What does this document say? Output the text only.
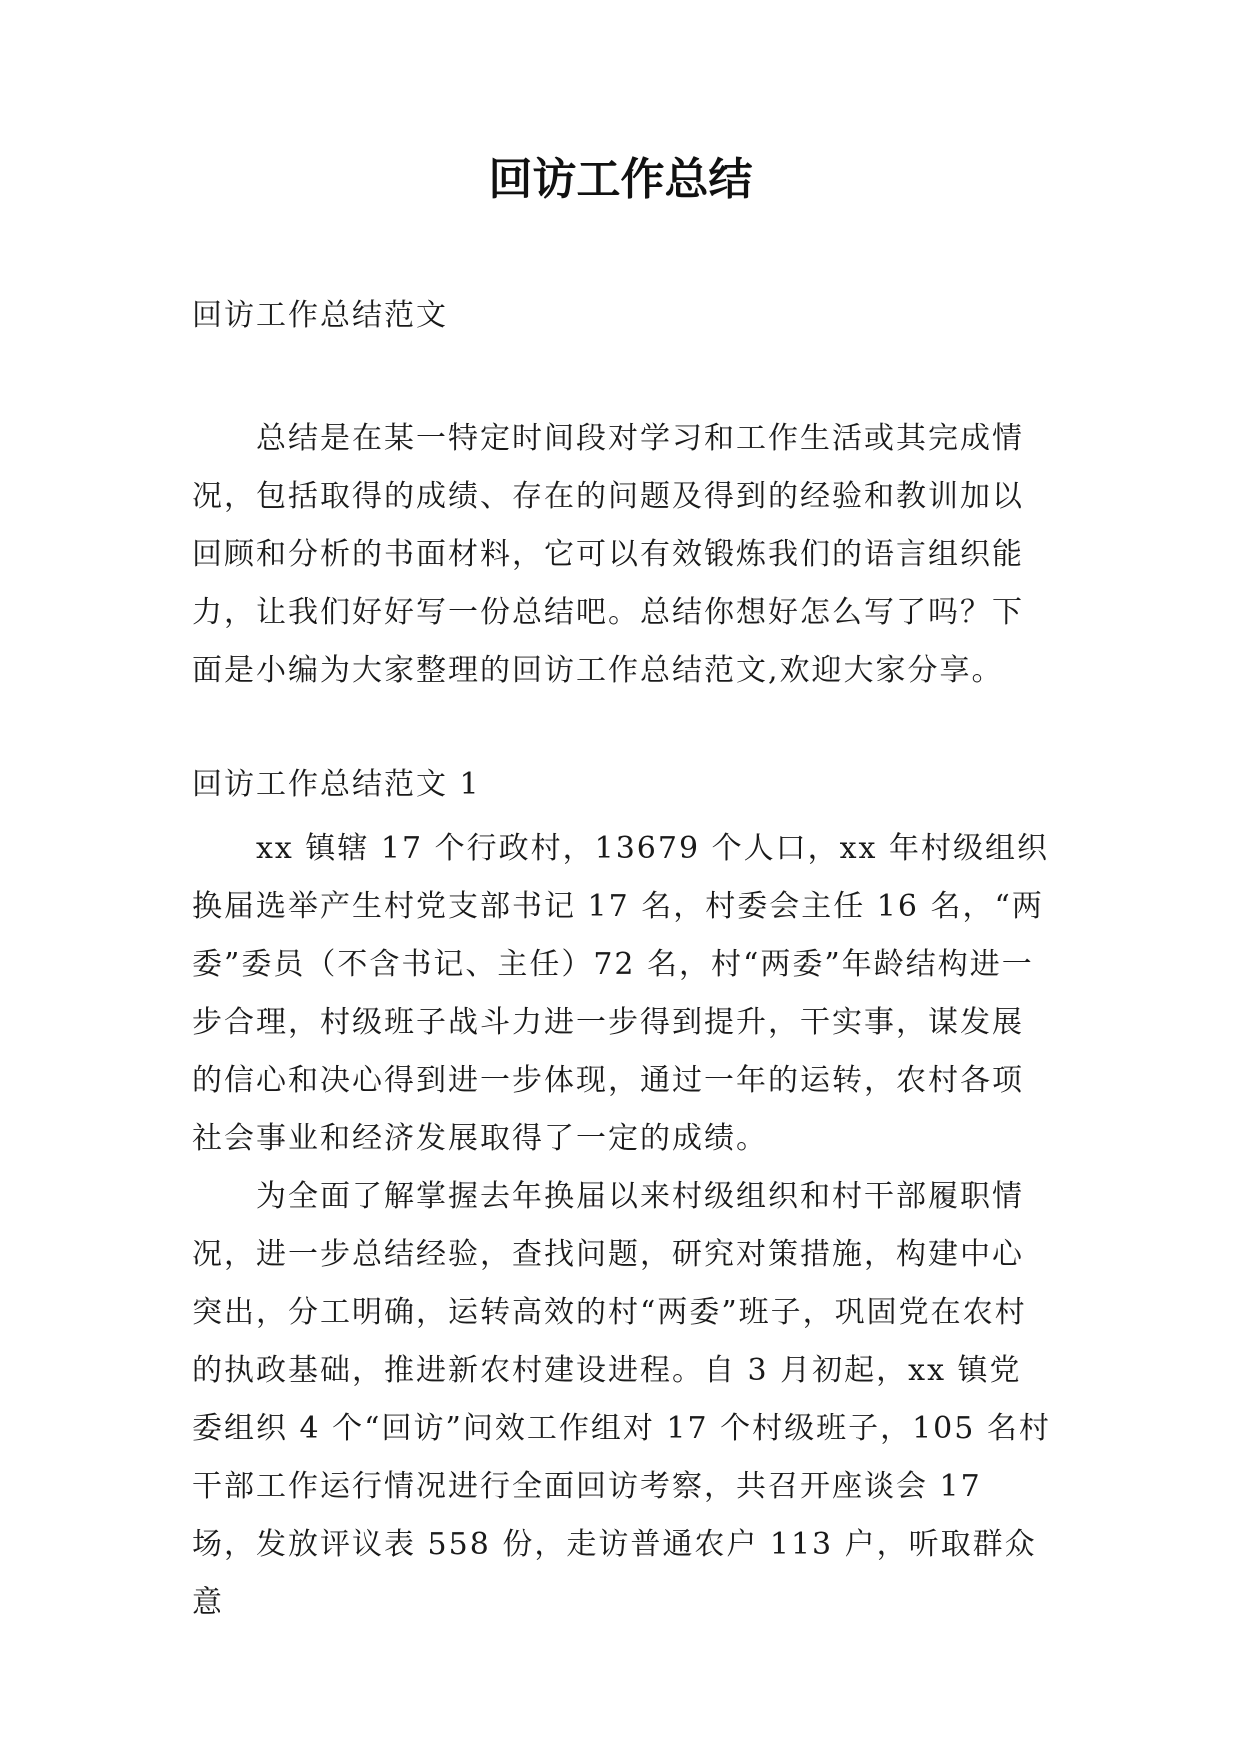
回访工作总结

回访工作总结范文

总结是在某一特定时间段对学习和工作生活或其完成情况，包括取得的成绩、存在的问题及得到的经验和教训加以回顾和分析的书面材料，它可以有效锻炼我们的语言组织能力，让我们好好写一份总结吧。总结你想好怎么写了吗？下面是小编为大家整理的回访工作总结范文,欢迎大家分享。

回访工作总结范文 1

xx 镇辖 17 个行政村，13679 个人口，xx 年村级组织换届选举产生村党支部书记 17 名，村委会主任 16 名，“两委”委员（不含书记、主任）72 名，村“两委”年龄结构进一步合理，村级班子战斗力进一步得到提升，干实事，谋发展的信心和决心得到进一步体现，通过一年的运转，农村各项社会事业和经济发展取得了一定的成绩。

为全面了解掌握去年换届以来村级组织和村干部履职情况，进一步总结经验，查找问题，研究对策措施，构建中心突出，分工明确，运转高效的村“两委”班子，巩固党在农村的执政基础，推进新农村建设进程。自 3 月初起，xx 镇党委组织 4 个“回访”问效工作组对 17 个村级班子，105 名村干部工作运行情况进行全面回访考察，共召开座谈会 17 场，发放评议表 558 份，走访普通农户 113 户，听取群众意
